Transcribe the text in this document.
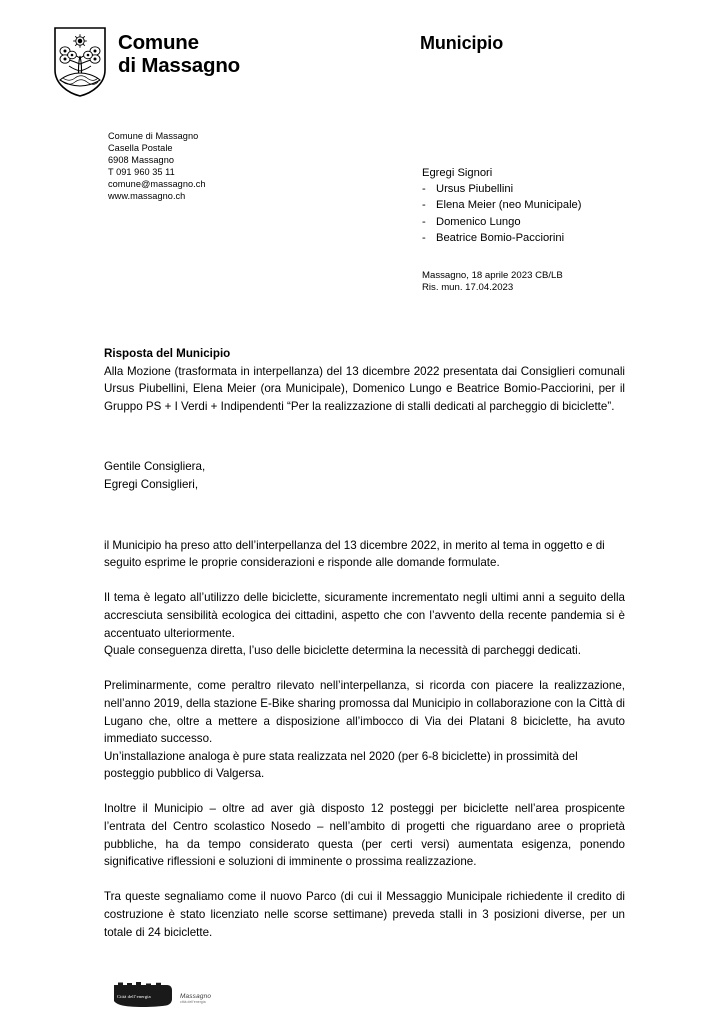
Comune
di Massagno
Municipio
Comune di Massagno
Casella Postale
6908 Massagno
T 091 960 35 11
comune@massagno.ch
www.massagno.ch
Egregi Signori
- Ursus Piubellini
- Elena Meier (neo Municipale)
- Domenico Lungo
- Beatrice Bomio-Pacciorini
Massagno, 18 aprile 2023 CB/LB
Ris. mun. 17.04.2023
Risposta del Municipio

Alla Mozione (trasformata in interpellanza) del 13 dicembre 2022 presentata dai Consiglieri comunali Ursus Piubellini, Elena Meier (ora Municipale), Domenico Lungo e Beatrice Bomio-Pacciorini, per il Gruppo PS + I Verdi + Indipendenti “Per la realizzazione di stalli dedicati al parcheggio di biciclette”.

Gentile Consigliera,
Egregi Consiglieri,

il Municipio ha preso atto dell’interpellanza del 13 dicembre 2022, in merito al tema in oggetto e di seguito esprime le proprie considerazioni e risponde alle domande formulate.

Il tema è legato all’utilizzo delle biciclette, sicuramente incrementato negli ultimi anni a seguito della accresciuta sensibilità ecologica dei cittadini, aspetto che con l’avvento della recente pandemia si è accentuato ulteriormente.

Quale conseguenza diretta, l’uso delle biciclette determina la necessità di parcheggi dedicati.

Preliminarmente, come peraltro rilevato nell’interpellanza, si ricorda con piacere la realizzazione, nell’anno 2019, della stazione E-Bike sharing promossa dal Municipio in collaborazione con la Città di Lugano che, oltre a mettere a disposizione all’imbocco di Via dei Platani 8 biciclette, ha avuto immediato successo.

Un’installazione analoga è pure stata realizzata nel 2020 (per 6-8 biciclette) in prossimità del posteggio pubblico di Valgersa.

Inoltre il Municipio – oltre ad aver già disposto 12 posteggi per biciclette nell’area prospicente l’entrata del Centro scolastico Nosedo – nell’ambito di progetti che riguardano aree o proprietà pubbliche, ha da tempo considerato questa (per certi versi) aumentata esigenza, ponendo significative riflessioni e soluzioni di imminente o prossima realizzazione.

Tra queste segnaliamo come il nuovo Parco (di cui il Messaggio Municipale richiedente il credito di costruzione è stato licenziato nelle scorse settimane) preveda stalli in 3 posizioni diverse, per un totale di 24 biciclette.

Città dell’energia	Massagno
città dell’energia
